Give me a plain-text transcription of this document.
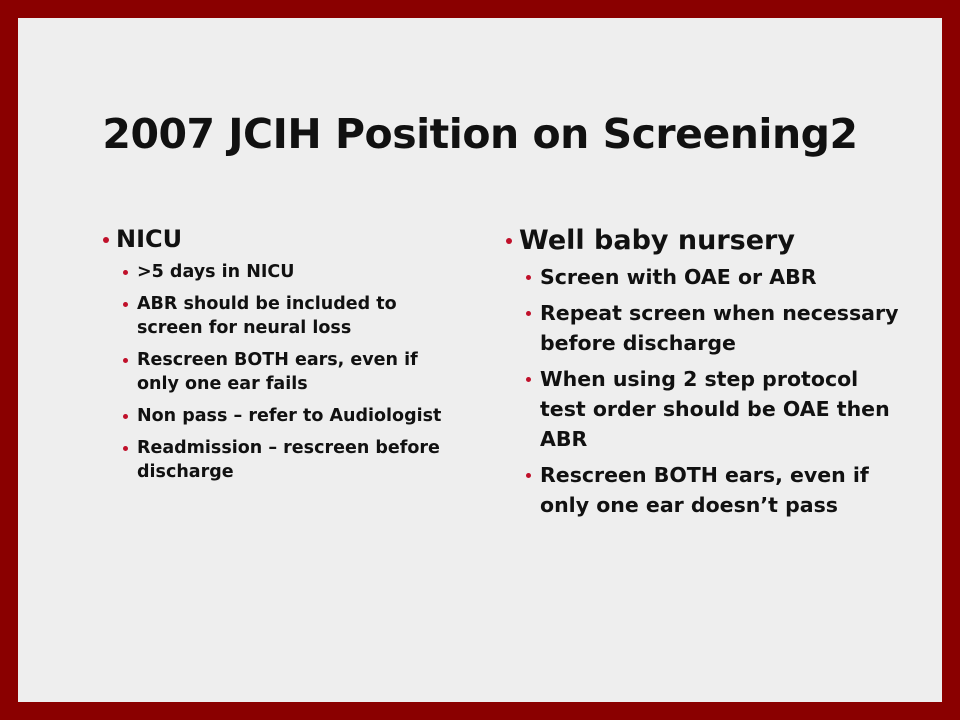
2007 JCIH Position on Screening2
NICU
>5 days in NICU
ABR should be included to screen for neural loss
Rescreen BOTH ears, even if only one ear fails
Non pass – refer to Audiologist
Readmission – rescreen before discharge
Well baby nursery
Screen with OAE or ABR
Repeat screen when necessary before discharge
When using 2 step protocol test order should be OAE then ABR
Rescreen BOTH ears, even if only one ear doesn’t pass
